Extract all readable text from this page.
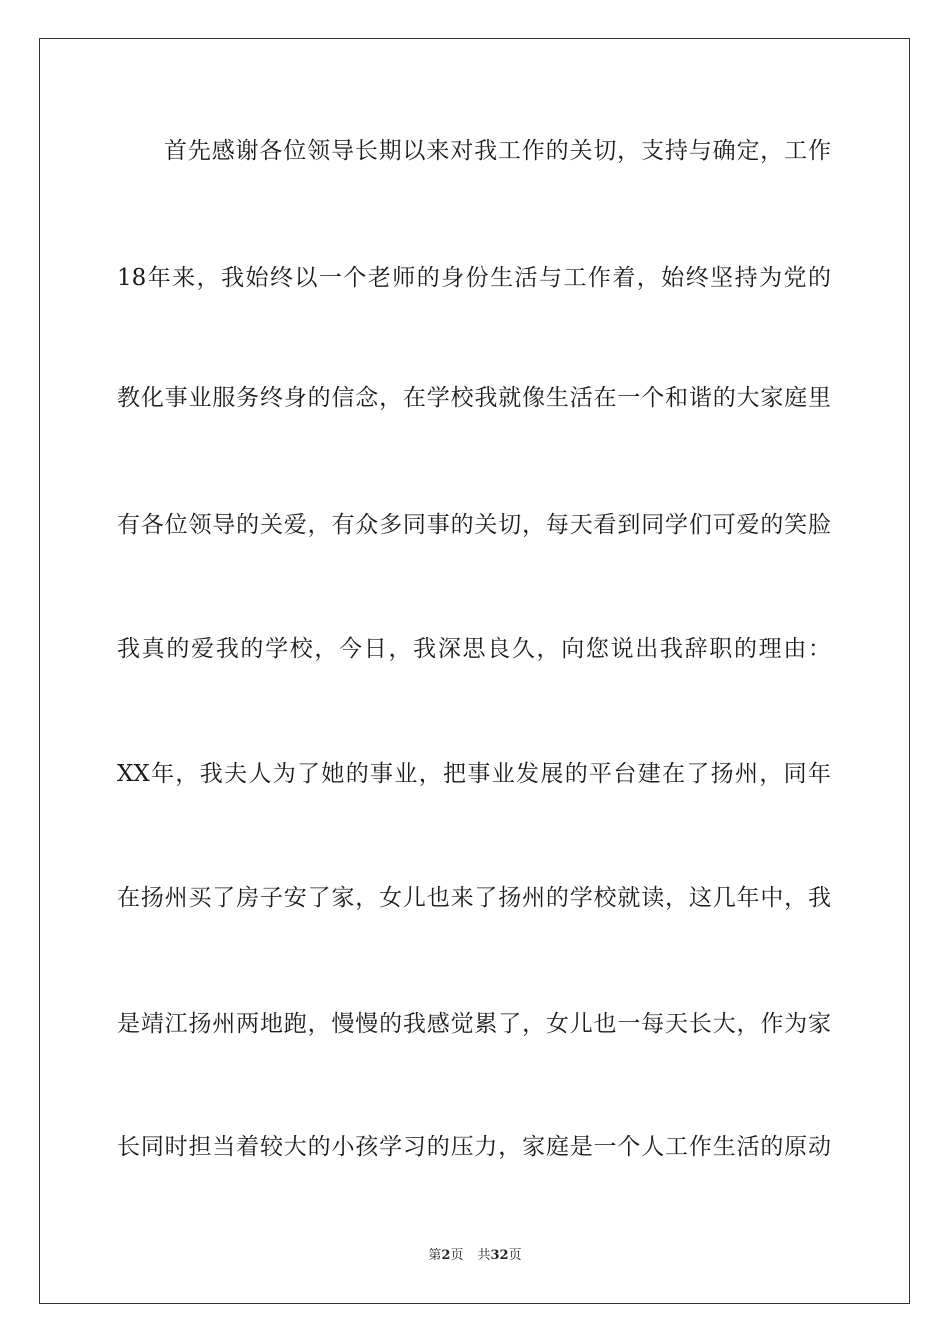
首先感谢各位领导长期以来对我工作的关切，支持与确定，工作
18年来，我始终以一个老师的身份生活与工作着，始终坚持为党的
教化事业服务终身的信念，在学校我就像生活在一个和谐的大家庭里
有各位领导的关爱，有众多同事的关切，每天看到同学们可爱的笑脸
我真的爱我的学校，今日，我深思良久，向您说出我辞职的理由：
XX年，我夫人为了她的事业，把事业发展的平台建在了扬州，同年
在扬州买了房子安了家，女儿也来了扬州的学校就读，这几年中，我
是靖江扬州两地跑，慢慢的我感觉累了，女儿也一每天长大，作为家
长同时担当着较大的小孩学习的压力，家庭是一个人工作生活的原动
第2页 共32页
